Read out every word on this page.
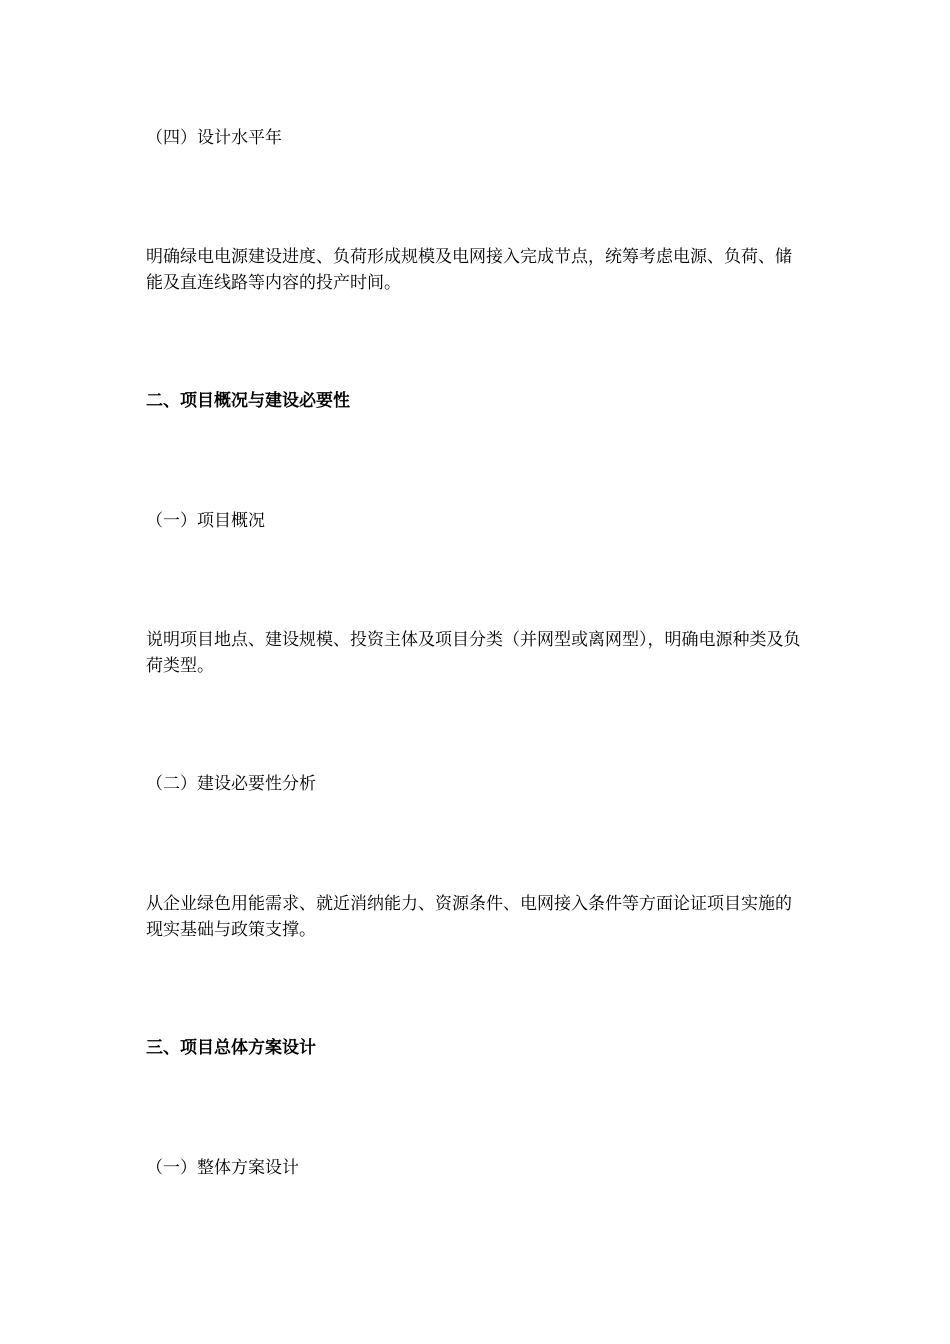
（四）设计水平年

明确绿电电源建设进度、负荷形成规模及电网接入完成节点，统筹考虑电源、负荷、储能及直连线路等内容的投产时间。

二、项目概况与建设必要性

（一）项目概况

说明项目地点、建设规模、投资主体及项目分类（并网型或离网型），明确电源种类及负荷类型。

（二）建设必要性分析

从企业绿色用能需求、就近消纳能力、资源条件、电网接入条件等方面论证项目实施的现实基础与政策支撑。

三、项目总体方案设计

（一）整体方案设计
